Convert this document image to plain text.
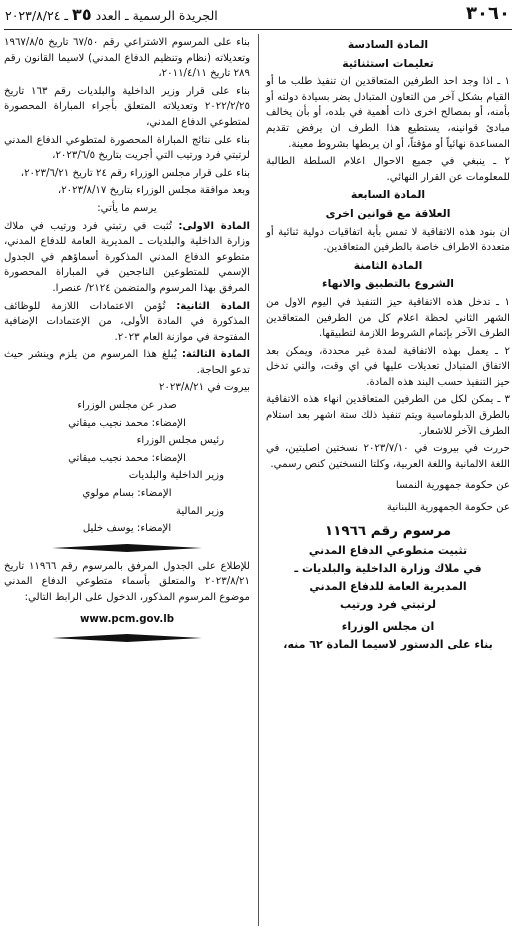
٣٠٦٠
الجريدة الرسمية ـ العدد ٣٥ ـ ٢٠٢٣/٨/٢٤

المادة السادسة

تعليمات استثنائية

١ ـ اذا وجد احد الطرفين المتعاقدين ان تنفيذ طلب ما أو القيام بشكل آخر من التعاون المتبادل يضر بسيادة دولته أو بأمنه، أو بمصالح اخرى ذات أهمية في بلده، أو بأن يخالف مبادئ قوانينه، يستطيع هذا الطرف ان يرفض تقديم المساعدة نهائياً أو مؤقتاً، أو ان يربطها بشروط معينة.

٢ ـ ينبغي في جميع الاحوال اعلام السلطة الطالبة للمعلومات عن القرار النهائي.

المادة السابعة

العلاقة مع قوانين اخرى

ان بنود هذه الاتفاقية لا تمس بأية اتفاقيات دولية ثنائية أو متعددة الاطراف خاصة بالطرفين المتعاقدين.

المادة الثامنة

الشروع بالتطبيق والانهاء

١ ـ تدخل هذه الاتفاقية حيز التنفيذ في اليوم الاول من الشهر الثاني لحظة اعلام كل من الطرفين المتعاقدين الطرف الآخر بإتمام الشروط اللازمة لتطبيقها.

٢ ـ يعمل بهذه الاتفاقية لمدة غير محددة، ويمكن بعد الاتفاق المتبادل تعديلات عليها في اي وقت، والتي تدخل حيز التنفيذ حسب البند هذه المادة.

٣ ـ يمكن لكل من الطرفين المتعاقدين انهاء هذه الاتفاقية بالطرق الدبلوماسية ويتم تنفيذ ذلك ستة اشهر بعد استلام الطرف الآخر للاشعار.

حررت في بيروت في ٢٠٢٣/٧/١٠ نسختين اصليتين، في اللغة الالمانية واللغة العربية، وكلتا النسختين كنص رسمي.

عن حكومة جمهورية النمسا

عن حكومة الجمهورية اللبنانية

مرسوم رقم ١١٩٦٦

تثبيت متطوعي الدفاع المدني

في ملاك وزارة الداخلية والبلديات ـ

المديرية العامة للدفاع المدني

لرتبتي فرد ورتيب

ان مجلس الوزراء

بناء على الدستور لاسيما المادة ٦٢ منه،

بناء على المرسوم الاشتراعي رقم ٦٧/٥٠ تاريخ ١٩٦٧/٨/٥ وتعديلاته (نظام وتنظيم الدفاع المدني) لاسيما القانون رقم ٢٨٩ تاريخ ٢٠١١/٤/١١،

بناء على قرار وزير الداخلية والبلديات رقم ١٦٣ تاريخ ٢٠٢٢/٢/٢٥ وتعديلاته المتعلق بأجراء المباراة المحصورة لمتطوعي الدفاع المدني،

بناء على نتائج المباراة المحصورة لمتطوعي الدفاع المدني لرتبتي فرد ورتيب التي أجريت بتاريخ ٢٠٢٣/٦/٥،

بناء على قرار مجلس الوزراء رقم ٢٤ تاريخ ٢٠٢٣/٦/٢١،

وبعد موافقة مجلس الوزراء بتاريخ ٢٠٢٣/٨/١٧،

يرسم ما يأتي:

المادة الاولى: تُثبت في رتبتي فرد ورتيب في ملاك وزارة الداخلية والبلديات ـ المديرية العامة للدفاع المدني، متطوعو الدفاع المدني المذكورة أسماؤهم في الجدول الإسمي للمتطوعين الناجحين في المباراة المحصورة المرفق بهذا المرسوم والمتضمن ٢١٢٤/ عنصرا.

المادة الثانية: تُؤمن الاعتمادات اللازمة للوظائف المذكورة في المادة الأولى، من الإعتمادات الإضافية المفتوحة في موازنة العام ٢٠٢٣.

المادة الثالثة: يُبلغ هذا المرسوم من يلزم وينشر حيث تدعو الحاجة.

بيروت في ٢٠٢٣/٨/٢١

صدر عن مجلس الوزراء

الإمضاء: محمد نجيب ميقاتي

رئيس مجلس الوزراء

الإمضاء: محمد نجيب ميقاتي

وزير الداخلية والبلديات

الإمضاء: بسام مولوي

وزير المالية

الإمضاء: يوسف خليل

للإطلاع على الجدول المرفق بالمرسوم رقم ١١٩٦٦ تاريخ ٢٠٢٣/٨/٢١ والمتعلق بأسماء متطوعي الدفاع المدني موضوع المرسوم المذكور، الدخول على الرابط التالي:

www.pcm.gov.lb
